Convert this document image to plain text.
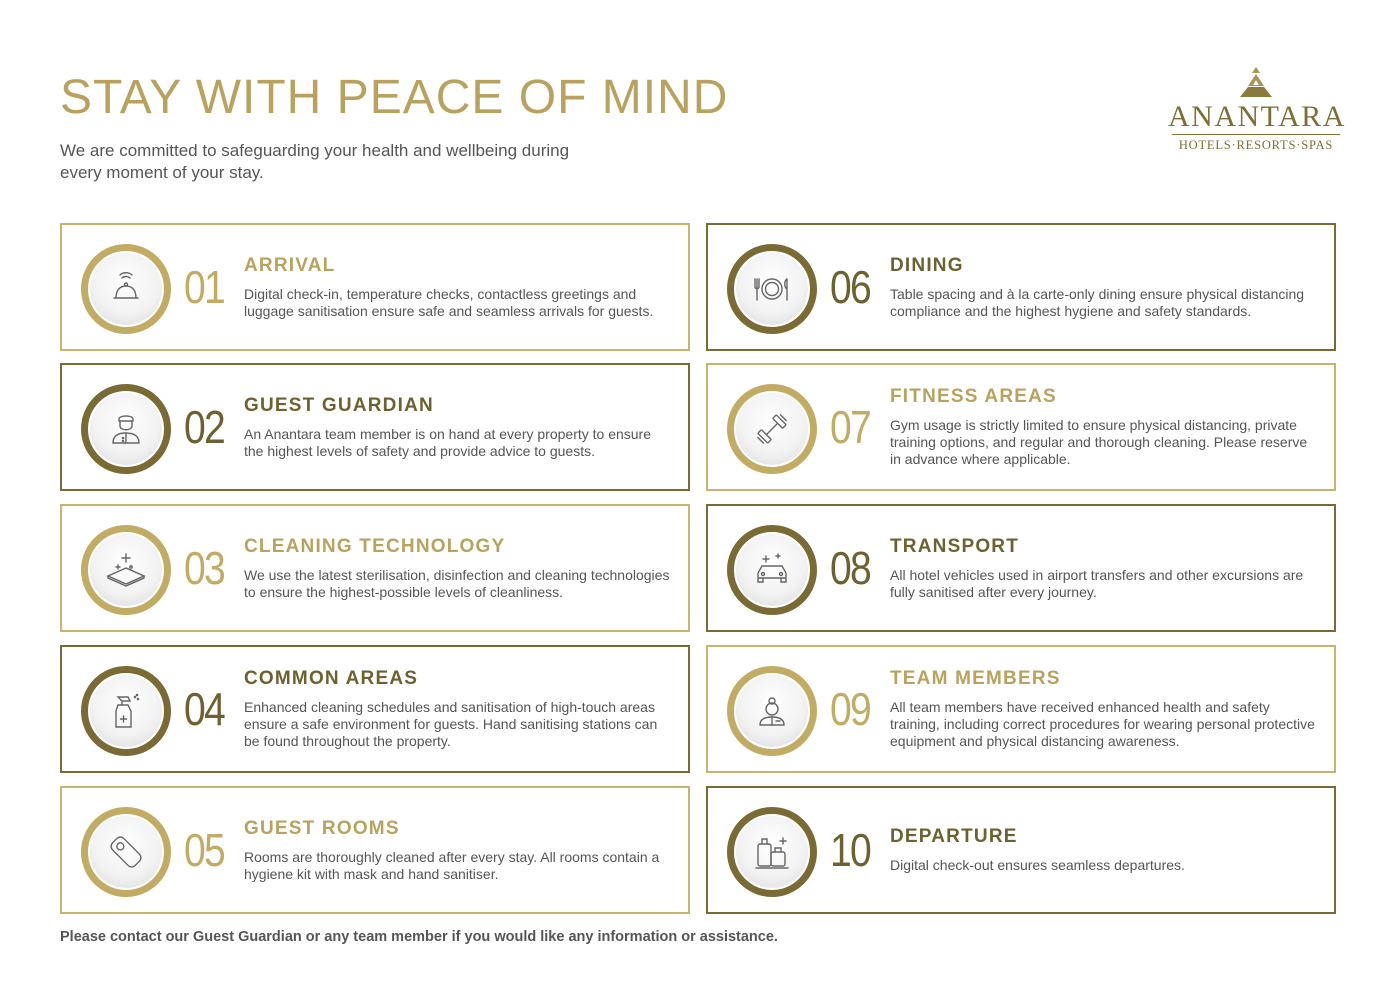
STAY WITH PEACE OF MIND
We are committed to safeguarding your health and wellbeing during every moment of your stay.
ANANTARA
HOTELS·RESORTS·SPAS
01 ARRIVAL
Digital check-in, temperature checks, contactless greetings and luggage sanitisation ensure safe and seamless arrivals for guests.
02 GUEST GUARDIAN
An Anantara team member is on hand at every property to ensure the highest levels of safety and provide advice to guests.
03 CLEANING TECHNOLOGY
We use the latest sterilisation, disinfection and cleaning technologies to ensure the highest-possible levels of cleanliness.
04
COMMON AREAS
Enhanced cleaning schedules and sanitisation of high-touch areas ensure a safe environment for guests. Hand sanitising stations can be found throughout the property.
05 GUEST ROOMS
Rooms are thoroughly cleaned after every stay. All rooms contain a hygiene kit with mask and hand sanitiser.
06 DINING
Table spacing and à la carte-only dining ensure physical distancing compliance and the highest hygiene and safety standards.
07
FITNESS AREAS
Gym usage is strictly limited to ensure physical distancing, private training options, and regular and thorough cleaning. Please reserve in advance where applicable.
08 TRANSPORT
All hotel vehicles used in airport transfers and other excursions are fully sanitised after every journey.
09
TEAM MEMBERS
All team members have received enhanced health and safety training, including correct procedures for wearing personal protective equipment and physical distancing awareness.
10 DEPARTURE
Digital check-out ensures seamless departures.
Please contact our Guest Guardian or any team member if you would like any information or assistance.
